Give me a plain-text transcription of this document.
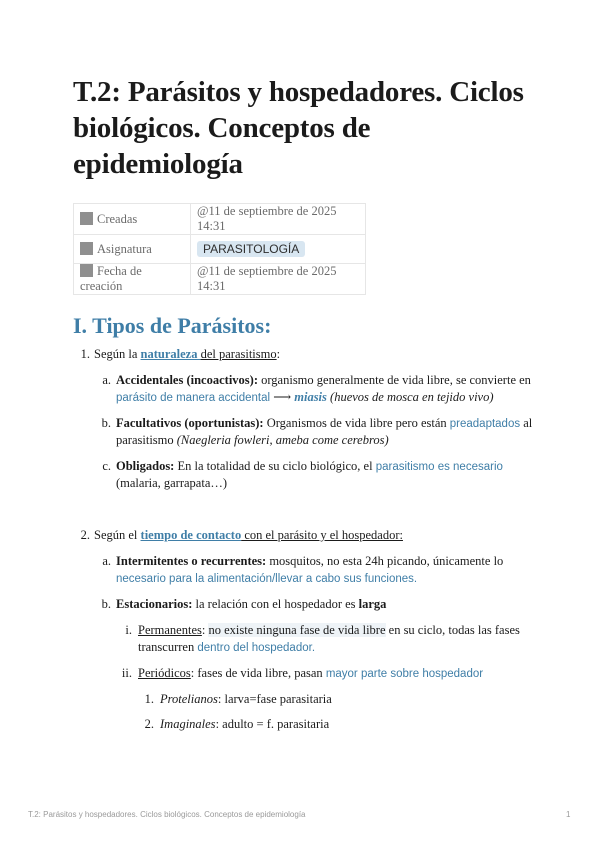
T.2: Parásitos y hospedadores. Ciclos biológicos. Conceptos de epidemiología
Creadas	@11 de septiembre de 2025 14:31
Asignatura	PARASITOLOGÍA
Fecha de creación	@11 de septiembre de 2025 14:31
I. Tipos de Parásitos:
1. Según la naturaleza del parasitismo:
a. Accidentales (incoactivos): organismo generalmente de vida libre, se convierte en
parásito de manera accidental ⟶ miasis (huevos de mosca en tejido vivo)
b. Facultativos (oportunistas): Organismos de vida libre pero están preadaptados al
parasitismo (Naegleria fowleri, ameba come cerebros)
c. Obligados: En la totalidad de su ciclo biológico, el parasitismo es necesario
(malaria, garrapata…)
2. Según el tiempo de contacto con el parásito y el hospedador:
a. Intermitentes o recurrentes: mosquitos, no esta 24h picando, únicamente lo
necesario para la alimentación/llevar a cabo sus funciones.
b. Estacionarios: la relación con el hospedador es larga
i. Permanentes: no existe ninguna fase de vida libre en su ciclo, todas las fases
transcurren dentro del hospedador.
ii. Periódicos: fases de vida libre, pasan mayor parte sobre hospedador
1. Protelianos: larva=fase parasitaria
2. Imaginales: adulto = f. parasitaria
T.2: Parásitos y hospedadores. Ciclos biológicos. Conceptos de epidemiología	1
